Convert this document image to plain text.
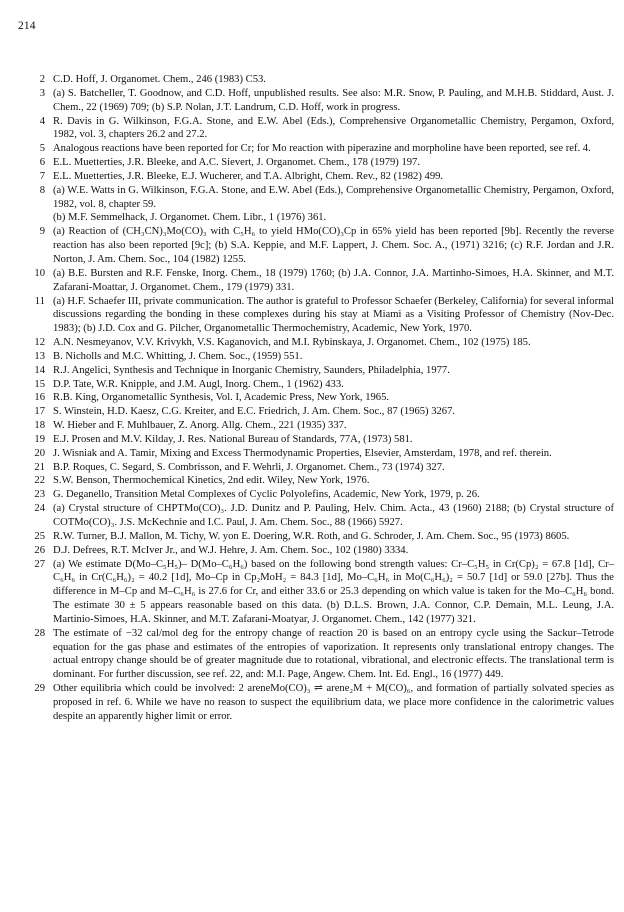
214
2 C.D. Hoff, J. Organomet. Chem., 246 (1983) C53.
3 (a) S. Batcheller, T. Goodnow, and C.D. Hoff, unpublished results. See also: M.R. Snow, P. Pauling, and M.H.B. Stiddard, Aust. J. Chem., 22 (1969) 709; (b) S.P. Nolan, J.T. Landrum, C.D. Hoff, work in progress.
4 R. Davis in G. Wilkinson, F.G.A. Stone, and E.W. Abel (Eds.), Comprehensive Organometallic Chemistry, Pergamon, Oxford, 1982, vol. 3, chapters 26.2 and 27.2.
5 Analogous reactions have been reported for Cr; for Mo reaction with piperazine and morpholine have been reported, see ref. 4.
6 E.L. Muetterties, J.R. Bleeke, and A.C. Sievert, J. Organomet. Chem., 178 (1979) 197.
7 E.L. Muetterties, J.R. Bleeke, E.J. Wucherer, and T.A. Albright, Chem. Rev., 82 (1982) 499.
8 (a) W.E. Watts in G. Wilkinson, F.G.A. Stone, and E.W. Abel (Eds.), Comprehensive Organometallic Chemistry, Pergamon, Oxford, 1982, vol. 8, chapter 59.
(b) M.F. Semmelhack, J. Organomet. Chem. Libr., 1 (1976) 361.
9 (a) Reaction of (CH₃CN)₃Mo(CO)₃ with C₅H₆ to yield HMo(CO)₃Cp in 65% yield has been reported [9b]. Recently the reverse reaction has also been reported [9c]; (b) S.A. Keppie, and M.F. Lappert, J. Chem. Soc. A., (1971) 3216; (c) R.F. Jordan and J.R. Norton, J. Am. Chem. Soc., 104 (1982) 1255.
10 (a) B.E. Bursten and R.F. Fenske, Inorg. Chem., 18 (1979) 1760; (b) J.A. Connor, J.A. Martinho-Simoes, H.A. Skinner, and M.T. Zafarani-Moattar, J. Organomet. Chem., 179 (1979) 331.
11 (a) H.F. Schaefer III, private communication. The author is grateful to Professor Schaefer (Berkeley, California) for several informal discussions regarding the bonding in these complexes during his stay at Miami as a Visiting Professor of Chemistry (Nov-Dec. 1983); (b) J.D. Cox and G. Pilcher, Organometallic Thermochemistry, Academic, New York, 1970.
12 A.N. Nesmeyanov, V.V. Krivykh, V.S. Kaganovich, and M.I. Rybinskaya, J. Organomet. Chem., 102 (1975) 185.
13 B. Nicholls and M.C. Whitting, J. Chem. Soc., (1959) 551.
14 R.J. Angelici, Synthesis and Technique in Inorganic Chemistry, Saunders, Philadelphia, 1977.
15 D.P. Tate, W.R. Knipple, and J.M. Augl, Inorg. Chem., 1 (1962) 433.
16 R.B. King, Organometallic Synthesis, Vol. I, Academic Press, New York, 1965.
17 S. Winstein, H.D. Kaesz, C.G. Kreiter, and E.C. Friedrich, J. Am. Chem. Soc., 87 (1965) 3267.
18 W. Hieber and F. Muhlbauer, Z. Anorg. Allg. Chem., 221 (1935) 337.
19 E.J. Prosen and M.V. Kilday, J. Res. National Bureau of Standards, 77A, (1973) 581.
20 J. Wisniak and A. Tamir, Mixing and Excess Thermodynamic Properties, Elsevier, Amsterdam, 1978, and ref. therein.
21 B.P. Roques, C. Segard, S. Combrisson, and F. Wehrli, J. Organomet. Chem., 73 (1974) 327.
22 S.W. Benson, Thermochemical Kinetics, 2nd edit. Wiley, New York, 1976.
23 G. Deganello, Transition Metal Complexes of Cyclic Polyolefins, Academic, New York, 1979, p. 26.
24 (a) Crystal structure of CHPTMo(CO)₃. J.D. Dunitz and P. Pauling, Helv. Chim. Acta., 43 (1960) 2188; (b) Crystal structure of COTMo(CO)₃. J.S. McKechnie and I.C. Paul, J. Am. Chem. Soc., 88 (1966) 5927.
25 R.W. Turner, B.J. Mallon, M. Tichy, W. yon E. Doering, W.R. Roth, and G. Schroder, J. Am. Chem. Soc., 95 (1973) 8605.
26 D.J. Defrees, R.T. McIver Jr., and W.J. Hehre, J. Am. Chem. Soc., 102 (1980) 3334.
27 (a) We estimate D(Mo–C₅H₅)– D(Mo–C₆H₆) based on the following bond strength values: Cr–C₅H₅ in Cr(Cp)₂ = 67.8 [1d], Cr–C₆H₆ in Cr(C₆H₆)₂ = 40.2 [1d], Mo–Cp in Cp₂MoH₂ = 84.3 [1d], Mo–C₆H₆ in Mo(C₆H₆)₂ = 50.7 [1d] or 59.0 [27b]. Thus the difference in M–Cp and M–C₆H₆ is 27.6 for Cr, and either 33.6 or 25.3 depending on which value is taken for the Mo–C₆H₆ bond. The estimate 30 ± 5 appears reasonable based on this data. (b) D.L.S. Brown, J.A. Connor, C.P. Demain, M.L. Leung, J.A. Martinio-Simoes, H.A. Skinner, and M.T. Zafarani-Moatyar, J. Organomet. Chem., 142 (1977) 321.
28 The estimate of −32 cal/mol deg for the entropy change of reaction 20 is based on an entropy cycle using the Sackur–Tetrode equation for the gas phase and estimates of the entropies of vaporization. It represents only translational entropy changes. The actual entropy change should be of greater magnitude due to rotational, vibrational, and electronic effects. The translational term is dominant. For further discussion, see ref. 22, and: M.I. Page, Angew. Chem. Int. Ed. Engl., 16 (1977) 449.
29 Other equilibria which could be involved: 2 areneMo(CO)₃ ⇌ arene₂M + M(CO)₆, and formation of partially solvated species as proposed in ref. 6. While we have no reason to suspect the equilibrium data, we place more confidence in the calorimetric values despite an apparently higher limit or error.
